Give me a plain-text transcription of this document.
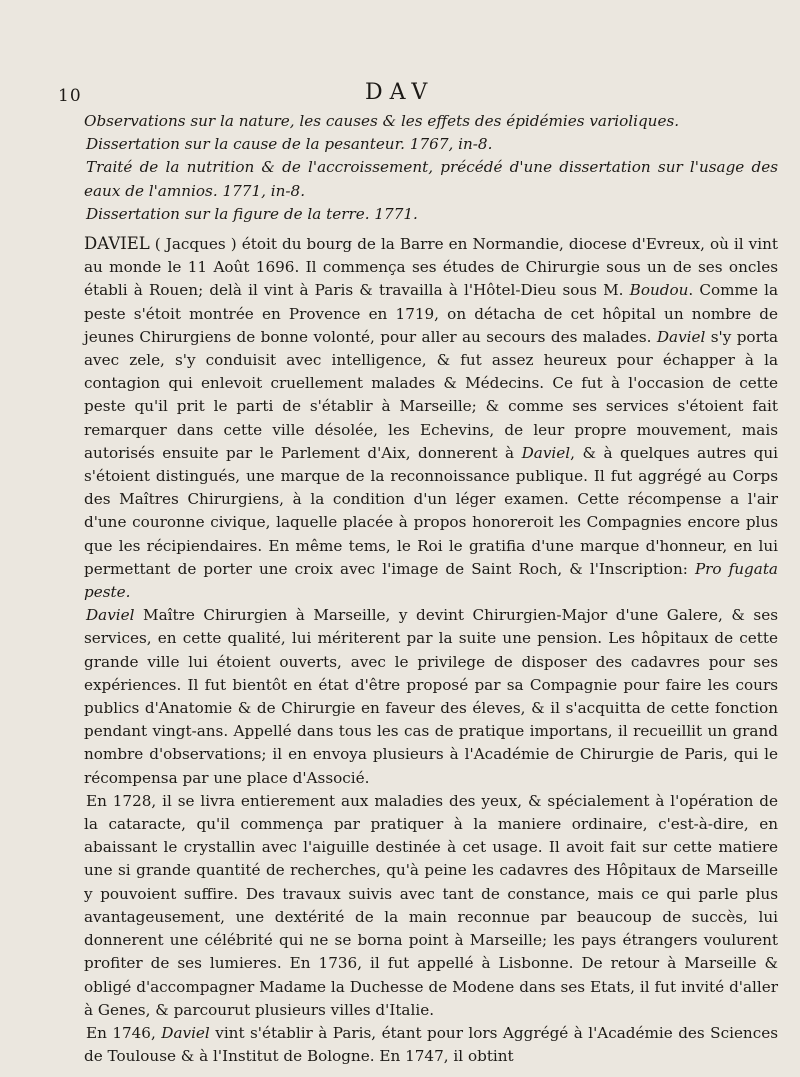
10	DAV

Observations sur la nature, les causes & les effets des épidémies varioliques.

Dissertation sur la cause de la pesanteur. 1767, in-8.

Traité de la nutrition & de l'accroissement, précédé d'une dissertation sur l'usage des eaux de l'amnios. 1771, in-8.

Dissertation sur la figure de la terre. 1771.

DAVIEL ( Jacques ) étoit du bourg de la Barre en Normandie, diocese d'Evreux, où il vint au monde le 11 Août 1696. Il commença ses études de Chirurgie sous un de ses oncles établi à Rouen; delà il vint à Paris & travailla à l'Hôtel-Dieu sous M. Boudou. Comme la peste s'étoit montrée en Provence en 1719, on détacha de cet hôpital un nombre de jeunes Chirurgiens de bonne volonté, pour aller au secours des malades. Daviel s'y porta avec zele, s'y conduisit avec intelligence, & fut assez heureux pour échapper à la contagion qui enlevoit cruellement malades & Médecins. Ce fut à l'occasion de cette peste qu'il prit le parti de s'établir à Marseille; & comme ses services s'étoient fait remarquer dans cette ville désolée, les Echevins, de leur propre mouvement, mais autorisés ensuite par le Parlement d'Aix, donnerent à Daviel, & à quelques autres qui s'étoient distingués, une marque de la reconnoissance publique. Il fut aggrégé au Corps des Maîtres Chirurgiens, à la condition d'un léger examen. Cette récompense a l'air d'une couronne civique, laquelle placée à propos honoreroit les Compagnies encore plus que les récipiendaires. En même tems, le Roi le gratifia d'une marque d'honneur, en lui permettant de porter une croix avec l'image de Saint Roch, & l'Inscription: Pro fugata peste.

Daviel Maître Chirurgien à Marseille, y devint Chirurgien-Major d'une Galere, & ses services, en cette qualité, lui mériterent par la suite une pension. Les hôpitaux de cette grande ville lui étoient ouverts, avec le privilege de disposer des cadavres pour ses expériences. Il fut bientôt en état d'être proposé par sa Compagnie pour faire les cours publics d'Anatomie & de Chirurgie en faveur des éleves, & il s'acquitta de cette fonction pendant vingt-ans. Appellé dans tous les cas de pratique importans, il recueillit un grand nombre d'observations; il en envoya plusieurs à l'Académie de Chirurgie de Paris, qui le récompensa par une place d'Associé.

En 1728, il se livra entierement aux maladies des yeux, & spécialement à l'opération de la cataracte, qu'il commença par pratiquer à la maniere ordinaire, c'est-à-dire, en abaissant le crystallin avec l'aiguille destinée à cet usage. Il avoit fait sur cette matiere une si grande quantité de recherches, qu'à peine les cadavres des Hôpitaux de Marseille y pouvoient suffire. Des travaux suivis avec tant de constance, mais ce qui parle plus avantageusement, une dextérité de la main reconnue par beaucoup de succès, lui donnerent une célébrité qui ne se borna point à Marseille; les pays étrangers voulurent profiter de ses lumieres. En 1736, il fut appellé à Lisbonne. De retour à Marseille & obligé d'accompagner Madame la Duchesse de Modene dans ses Etats, il fut invité d'aller à Genes, & parcourut plusieurs villes d'Italie.

En 1746, Daviel vint s'établir à Paris, étant pour lors Aggrégé à l'Académie des Sciences de Toulouse & à l'Institut de Bologne. En 1747, il obtint
